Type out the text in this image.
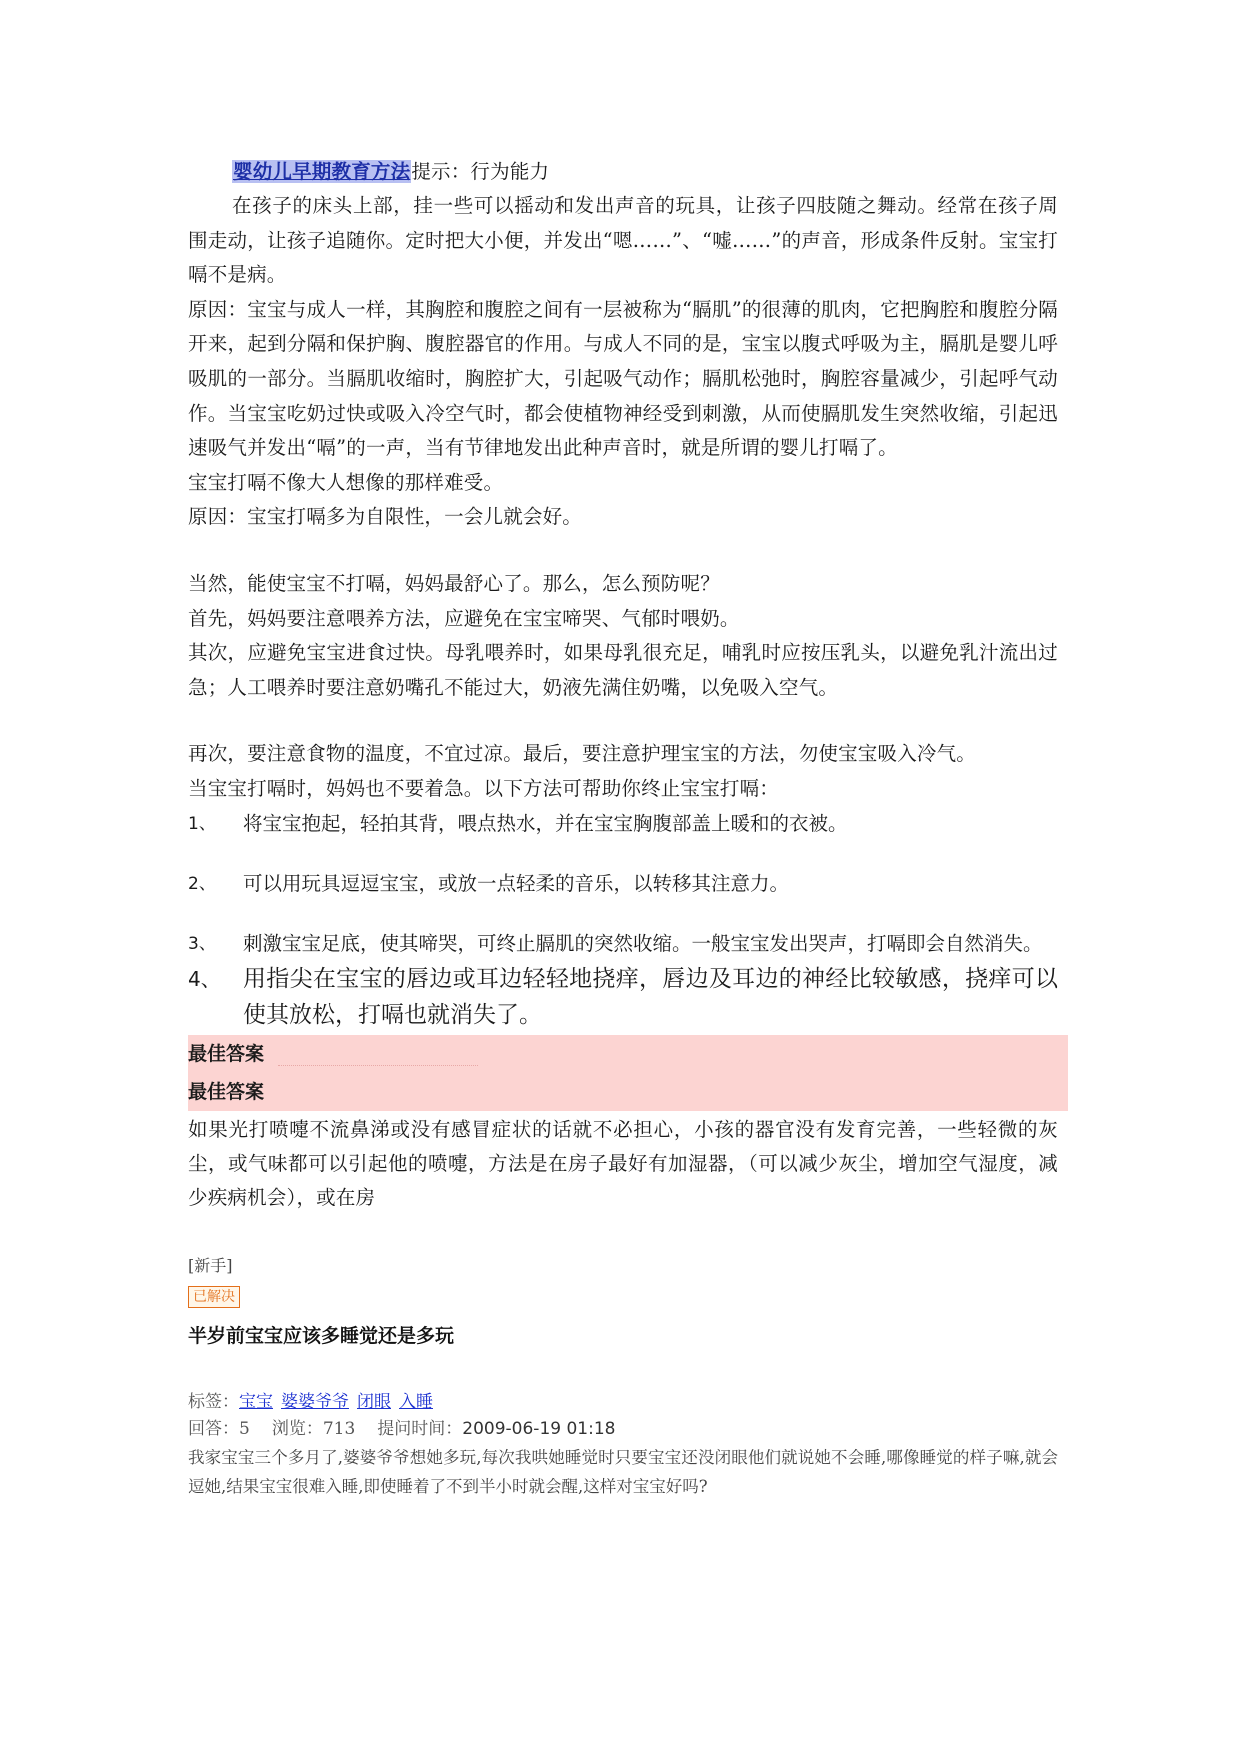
婴幼儿早期教育方法提示：行为能力

在孩子的床头上部，挂一些可以摇动和发出声音的玩具，让孩子四肢随之舞动。经常在孩子周围走动，让孩子追随你。定时把大小便，并发出“嗯……”、“嘘……”的声音，形成条件反射。宝宝打嗝不是病。

原因：宝宝与成人一样，其胸腔和腹腔之间有一层被称为“膈肌”的很薄的肌肉，它把胸腔和腹腔分隔开来，起到分隔和保护胸、腹腔器官的作用。与成人不同的是，宝宝以腹式呼吸为主，膈肌是婴儿呼吸肌的一部分。当膈肌收缩时，胸腔扩大，引起吸气动作；膈肌松弛时，胸腔容量减少，引起呼气动作。当宝宝吃奶过快或吸入冷空气时，都会使植物神经受到刺激，从而使膈肌发生突然收缩，引起迅速吸气并发出“嗝”的一声，当有节律地发出此种声音时，就是所谓的婴儿打嗝了。

宝宝打嗝不像大人想像的那样难受。

原因：宝宝打嗝多为自限性，一会儿就会好。

当然，能使宝宝不打嗝，妈妈最舒心了。那么，怎么预防呢？

首先，妈妈要注意喂养方法，应避免在宝宝啼哭、气郁时喂奶。

其次，应避免宝宝进食过快。母乳喂养时，如果母乳很充足，哺乳时应按压乳头，以避免乳汁流出过急；人工喂养时要注意奶嘴孔不能过大，奶液先满住奶嘴，以免吸入空气。

再次，要注意食物的温度，不宜过凉。最后，要注意护理宝宝的方法，勿使宝宝吸入冷气。

当宝宝打嗝时，妈妈也不要着急。以下方法可帮助你终止宝宝打嗝：

1、	将宝宝抱起，轻拍其背，喂点热水，并在宝宝胸腹部盖上暖和的衣被。
2、	可以用玩具逗逗宝宝，或放一点轻柔的音乐，以转移其注意力。
3、	刺激宝宝足底，使其啼哭，可终止膈肌的突然收缩。一般宝宝发出哭声，打嗝即会自然消失。
4、 用指尖在宝宝的唇边或耳边轻轻地挠痒，唇边及耳边的神经比较敏感，挠痒可以使其放松，打嗝也就消失了。
最佳答案
最佳答案

如果光打喷嚏不流鼻涕或没有感冒症状的话就不必担心，小孩的器官没有发育完善，一些轻微的灰尘，或气味都可以引起他的喷嚏，方法是在房子最好有加湿器，（可以减少灰尘，增加空气湿度，减少疾病机会），或在房

[新手]
已解决
半岁前宝宝应该多睡觉还是多玩
标签：宝宝 婆婆爷爷 闭眼 入睡
回答：5 浏览：713 提问时间：2009-06-19 01:18
我家宝宝三个多月了,婆婆爷爷想她多玩,每次我哄她睡觉时只要宝宝还没闭眼他们就说她不会睡,哪像睡觉的样子嘛,就会逗她,结果宝宝很难入睡,即使睡着了不到半小时就会醒,这样对宝宝好吗?
